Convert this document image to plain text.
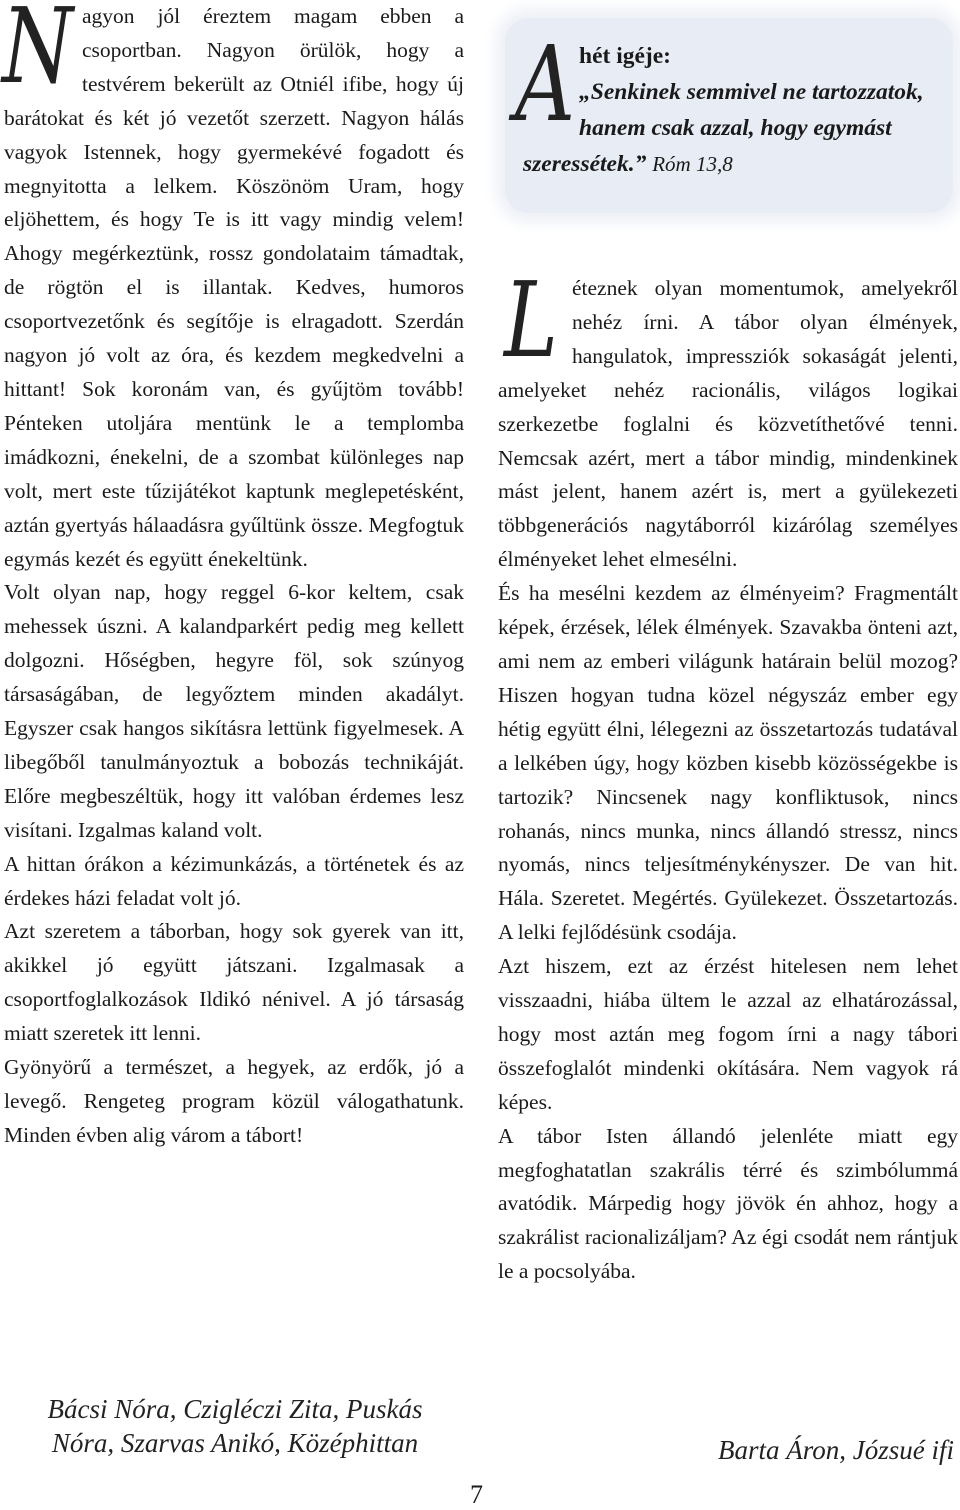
Nagyon jól éreztem magam ebben a csoportban. Nagyon örülök, hogy a testvérem bekerült az Otniél ifibe, hogy új barátokat és két jó vezetőt szerzett. Nagyon hálás vagyok Istennek, hogy gyermekévé fogadott és megnyitotta a lelkem. Köszönöm Uram, hogy eljöhettem, és hogy Te is itt vagy mindig velem! Ahogy megérkeztünk, rossz gondolataim támadtak, de rögtön el is illantak. Kedves, humoros csoportvezetőnk és segítője is elragadott. Szerdán nagyon jó volt az óra, és kezdem megkedvelni a hittant! Sok koronám van, és gyűjtöm tovább! Pénteken utoljára mentünk le a templomba imádkozni, énekelni, de a szombat különleges nap volt, mert este tűzijátékot kaptunk meglepetésként, aztán gyertyás hálaadásra gyűltünk össze. Megfogtuk egymás kezét és együtt énekeltünk.

Volt olyan nap, hogy reggel 6-kor keltem, csak mehessek úszni. A kalandparkért pedig meg kellett dolgozni. Hőségben, hegyre föl, sok szúnyog társaságában, de legyőztem minden akadályt. Egyszer csak hangos sikításra lettünk figyelmesek. A libegőből tanulmányoztuk a bobozás technikáját. Előre megbeszéltük, hogy itt valóban érdemes lesz visítani. Izgalmas kaland volt.

A hittan órákon a kézimunkázás, a történetek és az érdekes házi feladat volt jó.

Azt szeretem a táborban, hogy sok gyerek van itt, akikkel jó együtt játszani. Izgalmasak a csoportfoglalkozások Ildikó nénivel. A jó társaság miatt szeretek itt lenni.

Gyönyörű a természet, a hegyek, az erdők, jó a levegő. Rengeteg program közül válogathatunk. Minden évben alig várom a tábort!

Bácsi Nóra, Czigléczi Zita, Puskás Nóra, Szarvas Anikó, Középhittan
A hét igéje:
„Senkinek semmivel ne tartozzatok, hanem csak azzal, hogy egymást szeressétek.” Róm 13,8

Léteznek olyan momentumok, amelyekről nehéz írni. A tábor olyan élmények, hangulatok, impressziók sokaságát jelenti, amelyeket nehéz racionális, világos logikai szerkezetbe foglalni és közvetíthetővé tenni. Nemcsak azért, mert a tábor mindig, mindenkinek mást jelent, hanem azért is, mert a gyülekezeti többgenerációs nagytáborról kizárólag személyes élményeket lehet elmesélni.

És ha mesélni kezdem az élményeim? Fragmentált képek, érzések, lélek élmények. Szavakba önteni azt, ami nem az emberi világunk határain belül mozog? Hiszen hogyan tudna közel négyszáz ember egy hétig együtt élni, lélegezni az összetartozás tudatával a lelkében úgy, hogy közben kisebb közösségekbe is tartozik? Nincsenek nagy konfliktusok, nincs rohanás, nincs munka, nincs állandó stressz, nincs nyomás, nincs teljesítménykényszer. De van hit. Hála. Szeretet. Megértés. Gyülekezet. Összetartozás. A lelki fejlődésünk csodája.

Azt hiszem, ezt az érzést hitelesen nem lehet visszaadni, hiába ültem le azzal az elhatározással, hogy most aztán meg fogom írni a nagy tábori összefoglalót mindenki okítására. Nem vagyok rá képes.

A tábor Isten állandó jelenléte miatt egy megfoghatatlan szakrális térré és szimbólummá avatódik. Márpedig hogy jövök én ahhoz, hogy a szakrálist racionalizáljam? Az égi csodát nem rántjuk le a pocsolyába.

Barta Áron, Józsué ifi
7
